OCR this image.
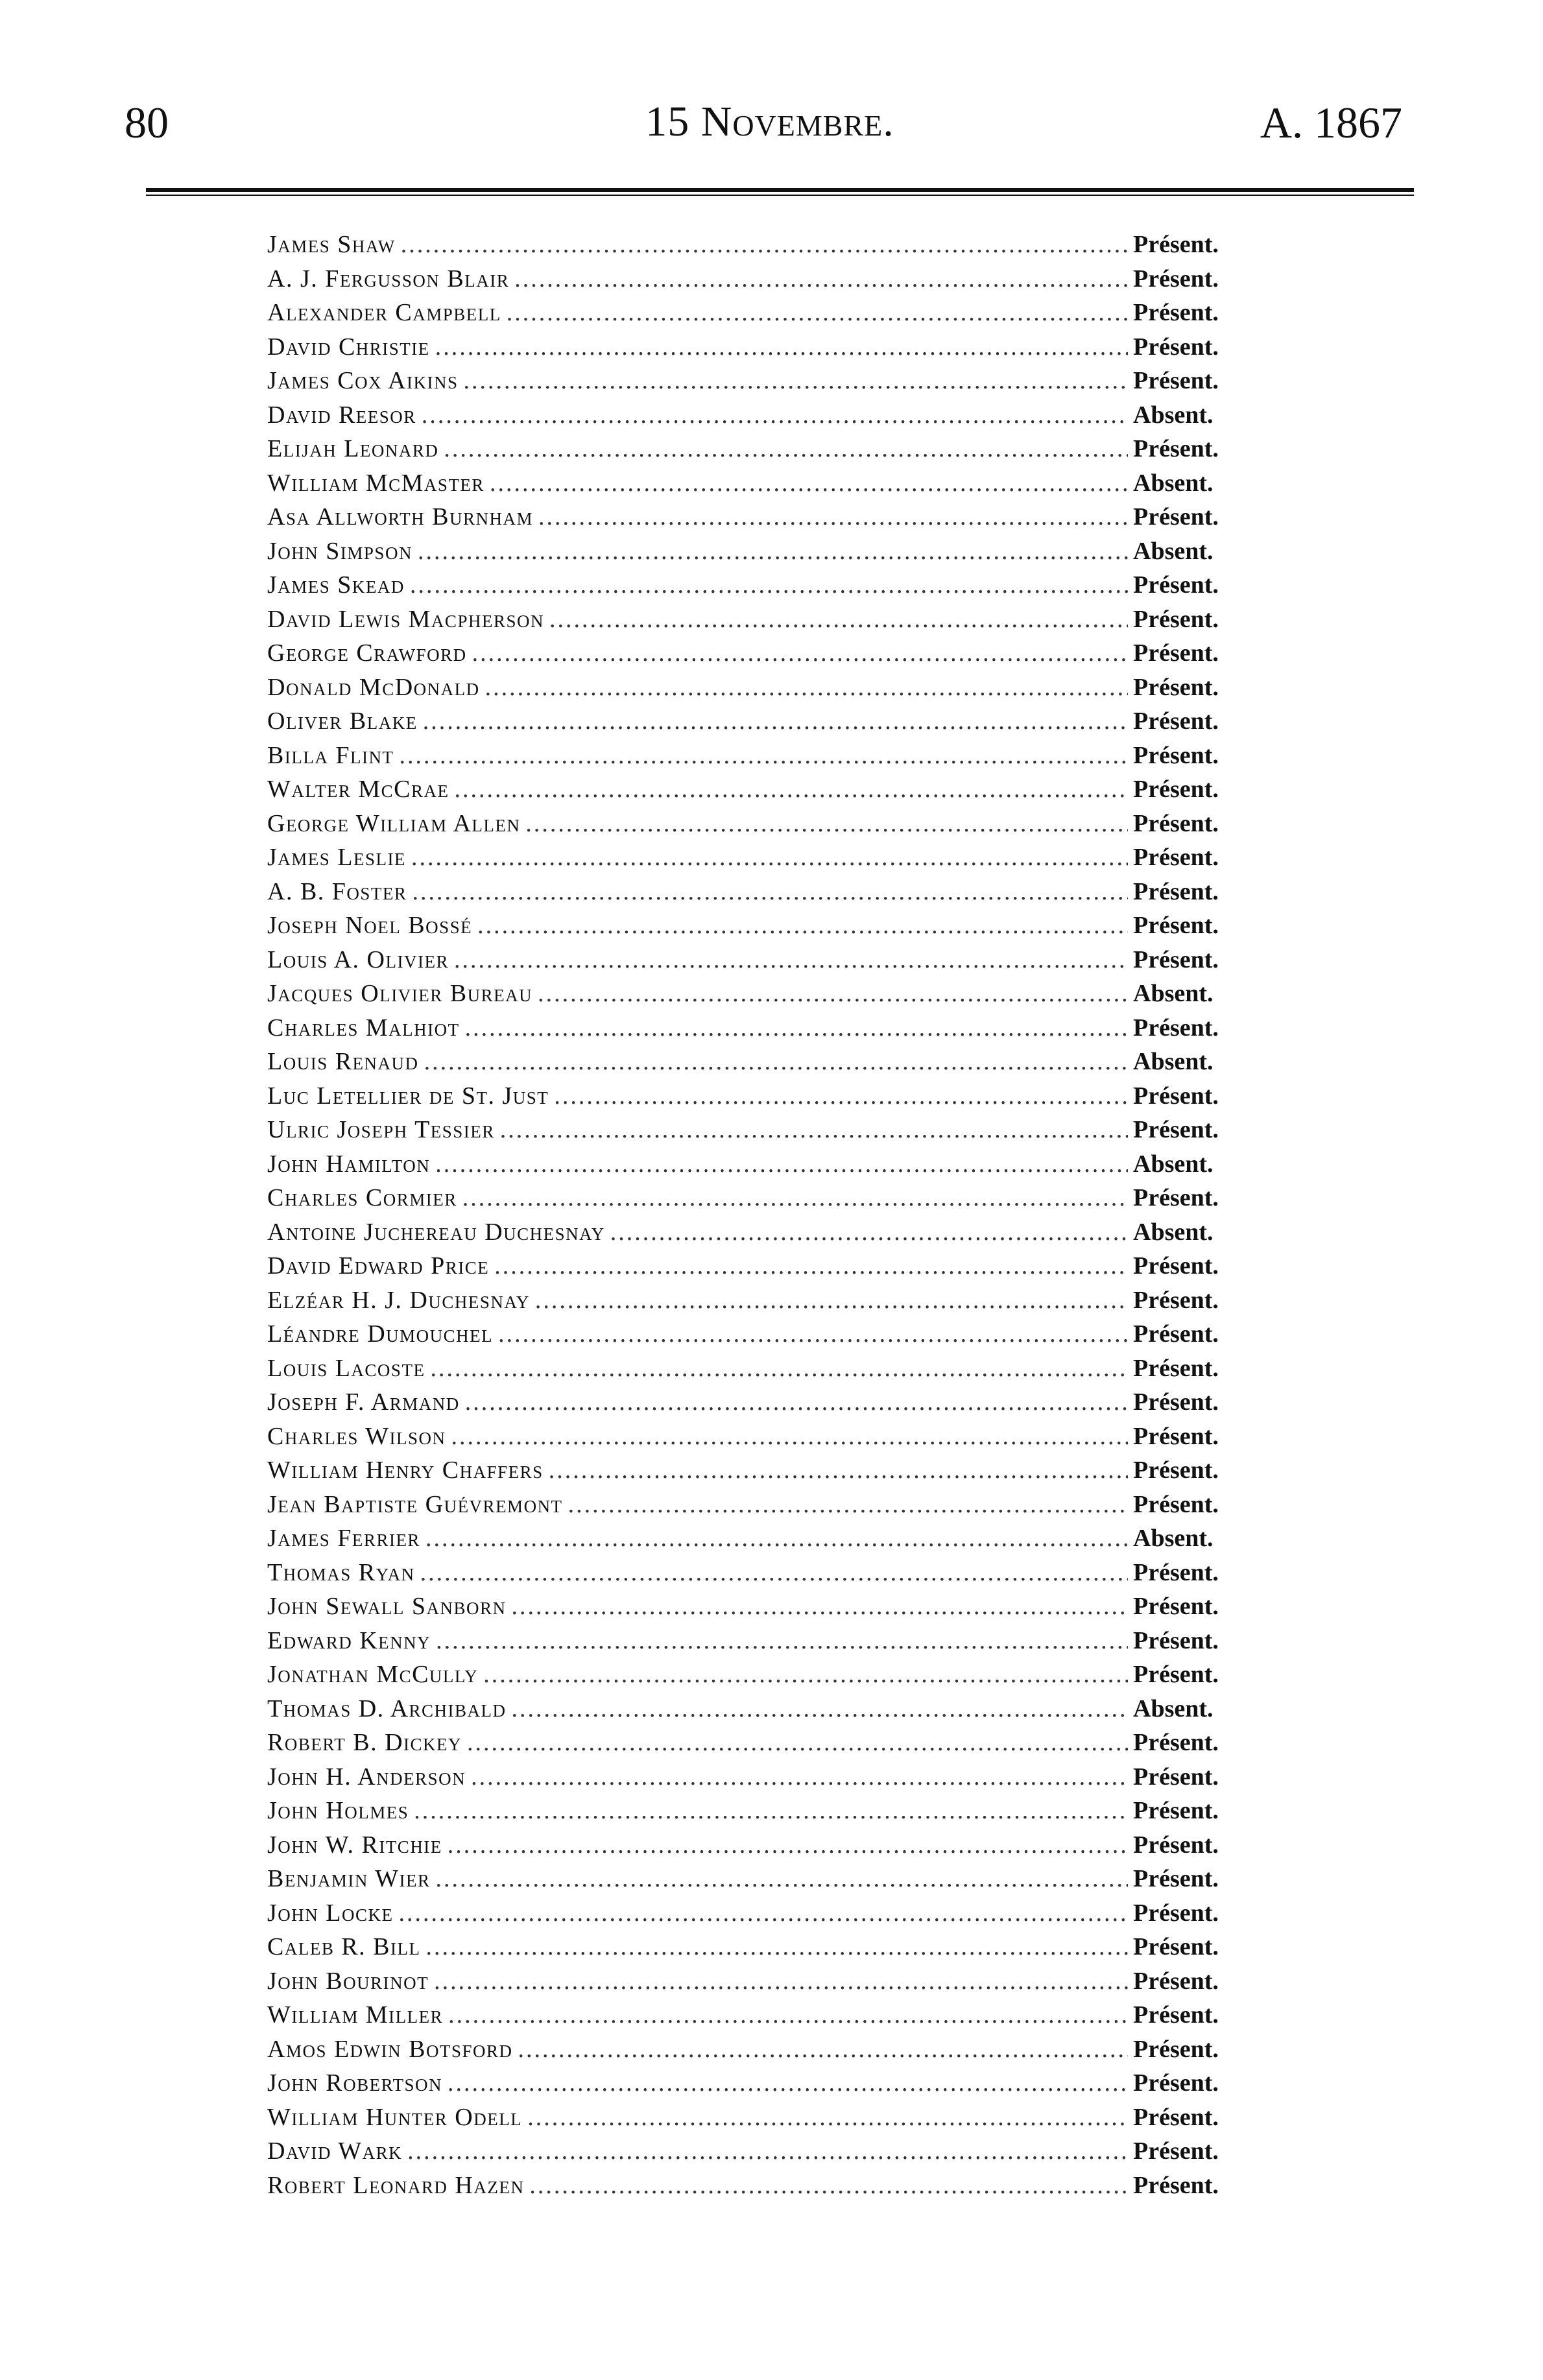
80	15 Novembre.	A. 1867
James Shaw .....	Présent.
A. J. Fergusson Blair .....	Présent.
Alexander Campbell .....	Présent.
David Christie .....	Présent.
James Cox Aikins .....	Présent.
David Reesor .....	Absent.
Elijah Leonard .....	Présent.
William McMaster .....	Absent.
Asa Allworth Burnham .....	Présent.
John Simpson .....	Absent.
James Skead .....	Présent.
David Lewis Macpherson .....	Présent.
George Crawford .....	Présent.
Donald McDonald .....	Présent.
Oliver Blake .....	Présent.
Billa Flint .....	Présent.
Walter McCrae .....	Présent.
George William Allen .....	Présent.
James Leslie .....	Présent.
A. B. Foster .....	Présent.
Joseph Noel Bossé .....	Présent.
Louis A. Olivier .....	Présent.
Jacques Olivier Bureau .....	Absent.
Charles Malhiot .....	Présent.
Louis Renaud .....	Absent.
Luc Letellier de St. Just .....	Présent.
Ulric Joseph Tessier .....	Présent.
John Hamilton .....	Absent.
Charles Cormier .....	Présent.
Antoine Juchereau Duchesnay .....	Absent.
David Edward Price .....	Présent.
Elzéar H. J. Duchesnay .....	Présent.
Léandre Dumouchel .....	Présent.
Louis Lacoste .....	Présent.
Joseph F. Armand .....	Présent.
Charles Wilson .....	Présent.
William Henry Chaffers .....	Présent.
Jean Baptiste Guévremont .....	Présent.
James Ferrier .....	Absent.
Thomas Ryan .....	Présent.
John Sewall Sanborn .....	Présent.
Edward Kenny .....	Présent.
Jonathan McCully .....	Présent.
Thomas D. Archibald .....	Absent.
Robert B. Dickey .....	Présent.
John H. Anderson .....	Présent.
John Holmes .....	Présent.
John W. Ritchie .....	Présent.
Benjamin Wier .....	Présent.
John Locke .....	Présent.
Caleb R. Bill .....	Présent.
John Bourinot .....	Présent.
William Miller .....	Présent.
Amos Edwin Botsford .....	Présent.
John Robertson .....	Présent.
William Hunter Odell .....	Présent.
David Wark .....	Présent.
Robert Leonard Hazen .....	Présent.
